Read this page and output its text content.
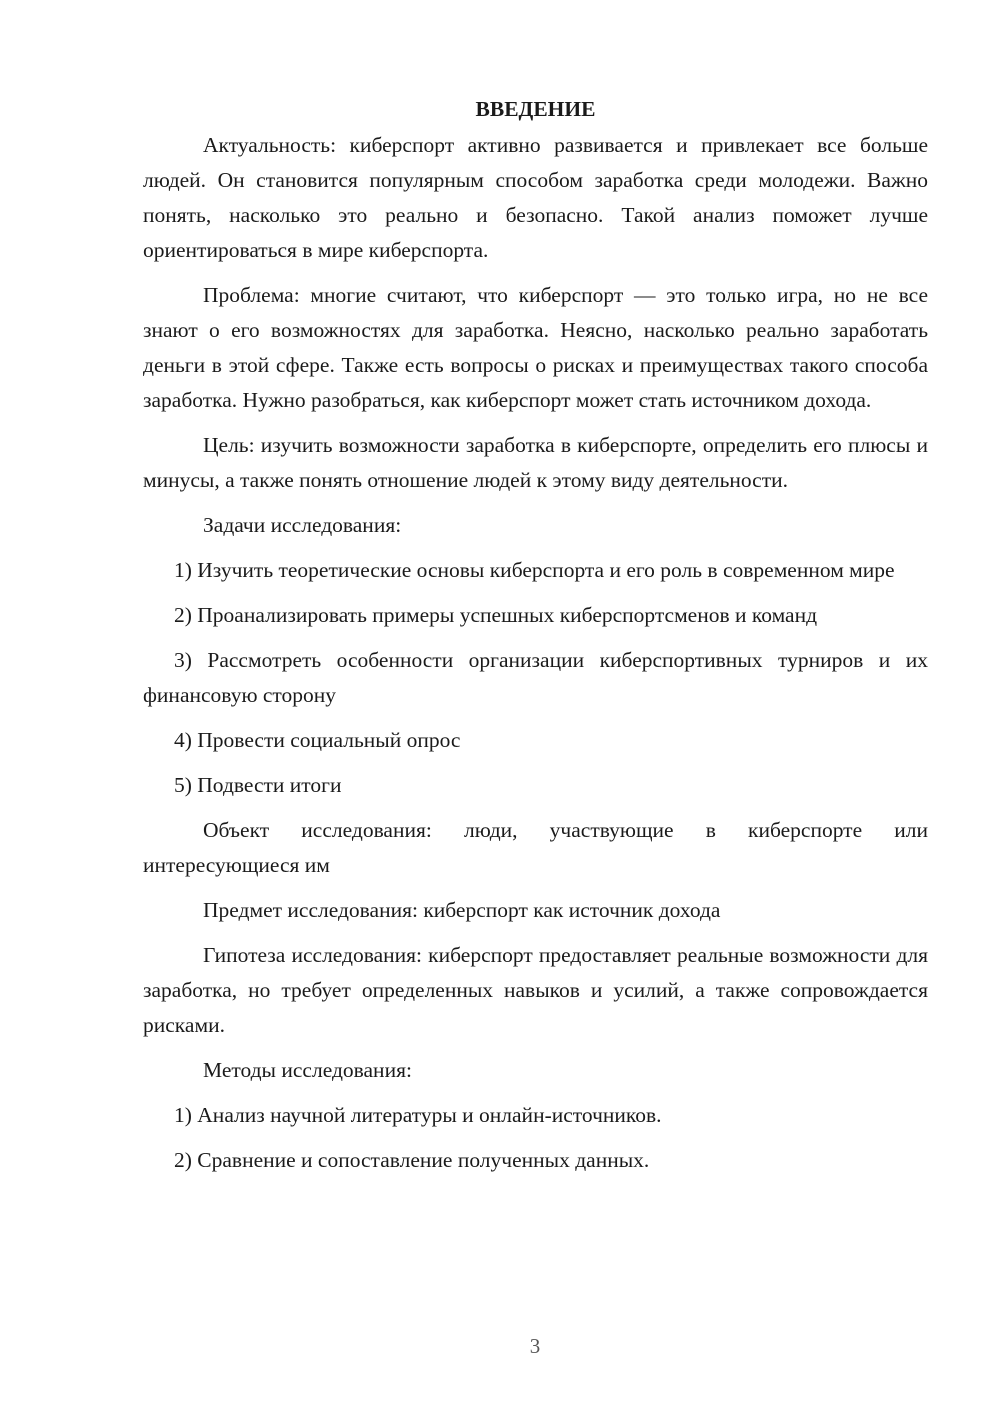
ВВЕДЕНИЕ

Актуальность: киберспорт активно развивается и привлекает все больше людей. Он становится популярным способом заработка среди молодежи. Важно понять, насколько это реально и безопасно. Такой анализ поможет лучше ориентироваться в мире киберспорта.

Проблема: многие считают, что киберспорт — это только игра, но не все знают о его возможностях для заработка. Неясно, насколько реально заработать деньги в этой сфере. Также есть вопросы о рисках и преимуществах такого способа заработка. Нужно разобраться, как киберспорт может стать источником дохода.

Цель: изучить возможности заработка в киберспорте, определить его плюсы и минусы, а также понять отношение людей к этому виду деятельности.

Задачи исследования:

1) Изучить теоретические основы киберспорта и его роль в современном мире

2) Проанализировать примеры успешных киберспортсменов и команд

3) Рассмотреть особенности организации киберспортивных турниров и их финансовую сторону

4) Провести социальный опрос

5) Подвести итоги

Объект исследования: люди, участвующие в киберспорте или интересующиеся им

Предмет исследования: киберспорт как источник дохода

Гипотеза исследования: киберспорт предоставляет реальные возможности для заработка, но требует определенных навыков и усилий, а также сопровождается рисками.

Методы исследования:

1) Анализ научной литературы и онлайн-источников.

2) Сравнение и сопоставление полученных данных.

3
